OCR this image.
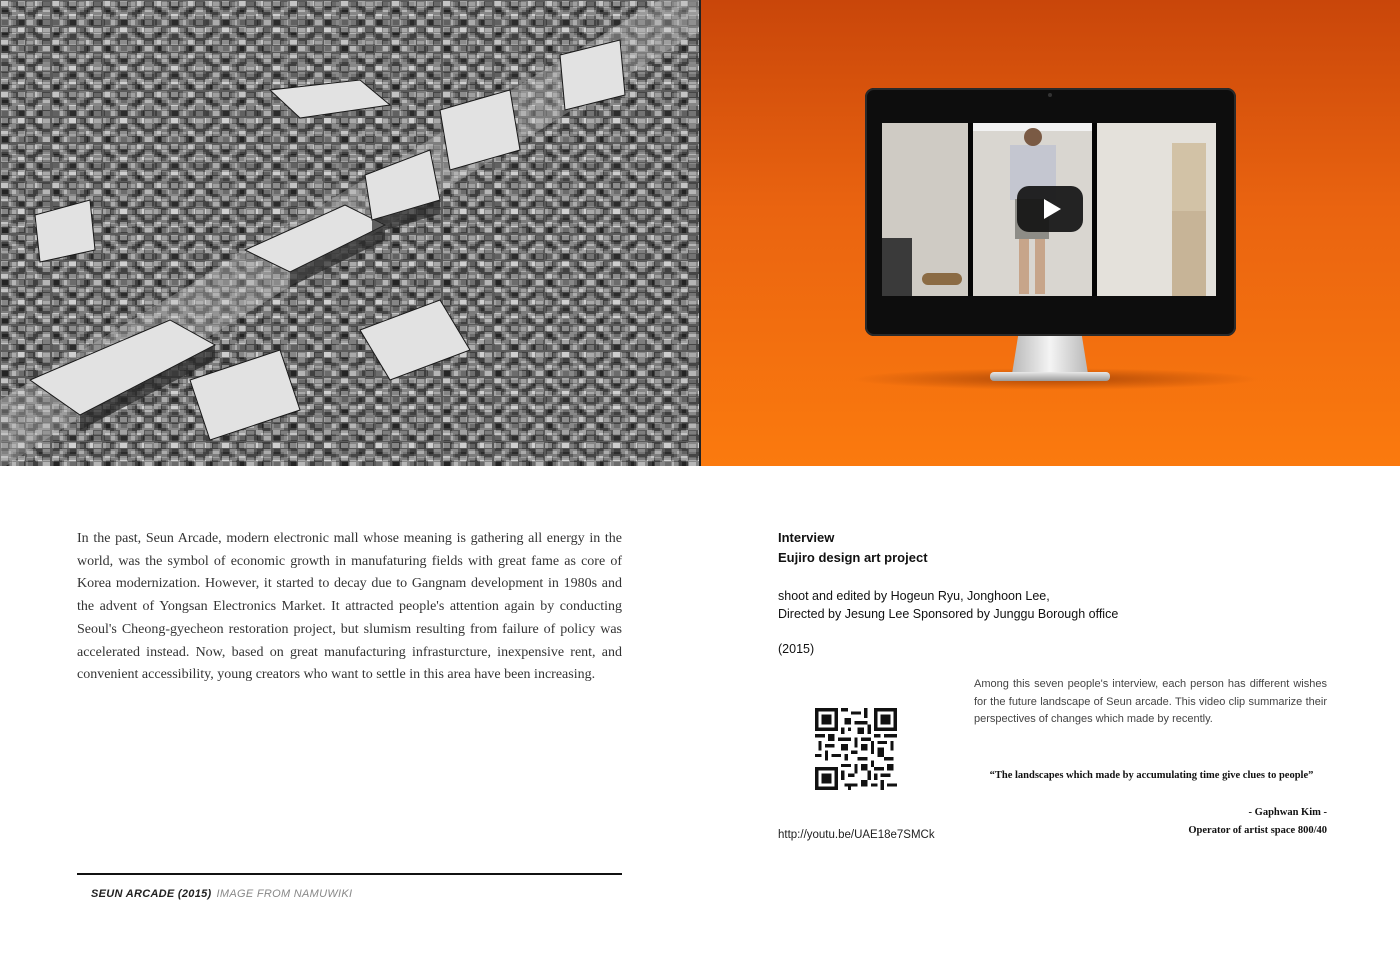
In the past, Seun Arcade, modern electronic mall whose meaning is gathering all energy in the world, was the symbol of economic growth in manufaturing fields with great fame as core of Korea modernization. However, it started to decay due to Gangnam development in 1980s and the advent of Yongsan Electronics Market. It attracted people's attention again by conducting Seoul's Cheong-gyecheon restoration project, but slumism resulting from failure of policy was accelerated instead. Now, based on great manufacturing infrasturcture, inexpensive rent, and convenient accessibility, young creators who want to settle in this area have been increasing.

SEUN ARCADE (2015) IMAGE FROM NAMUWIKI
Interview
Eujiro design art project
shoot and edited by Hogeun Ryu, Jonghoon Lee,
Directed by Jesung Lee Sponsored by Junggu Borough office
(2015)

Among this seven people's interview, each person has different wishes for the future landscape of Seun arcade. This video clip summarize their perspectives of changes which made by recently.

“The landscapes which made by accumulating time give clues to people”
- Gaphwan Kim -
Operator of artist space 800/40
http://youtu.be/UAE18e7SMCk
